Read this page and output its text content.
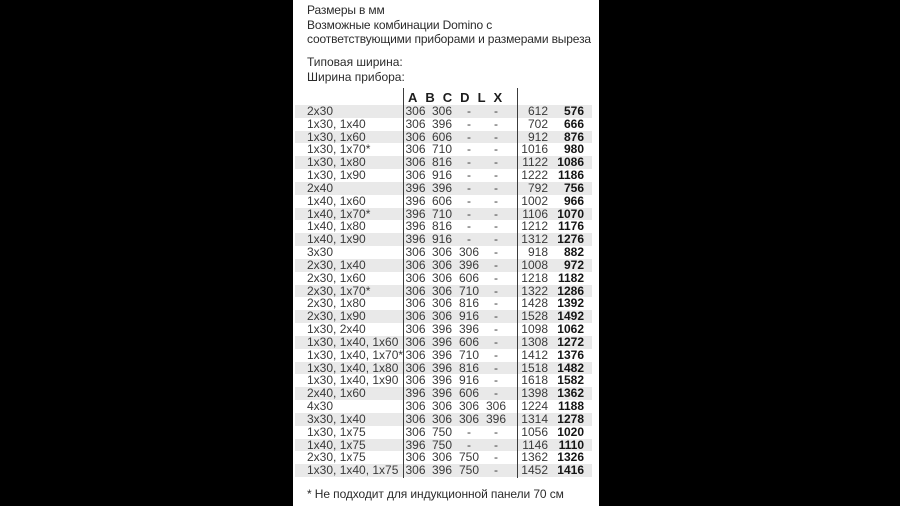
Размеры в мм
Возможные комбинации Domino с
соответствующими приборами и размерами выреза
Типовая ширина:
Ширина прибора:
A B C D L X
2x30	306 306	-	-	612	576
1x30, 1x40	306 396	-	-	702	666
1x30, 1x60	306 606	-	-	912	876
1x30, 1x70*	306 710	-	-	1016	980
1x30, 1x80	306 816	-	-	1122 1086
1x30, 1x90	306 916	-	-	1222 1186
2x40	396 396	-	-	792	756
1x40, 1x60	396 606	-	-	1002	966
1x40, 1x70*	396 710	-	-	1106 1070
1x40, 1x80	396 816	-	-	1212 1176
1x40, 1x90	396 916	-	-	1312 1276
3x30	306 306 306	-	918	882
2x30, 1x40	306 306 396	-	1008	972
2x30, 1x60	306 306 606	-	1218 1182
2x30, 1x70*	306 306 710	-	1322 1286
2x30, 1x80	306 306 816	-	1428 1392
2x30, 1x90	306 306 916	-	1528 1492
1x30, 2x40	306 396 396	-	1098 1062
1x30, 1x40, 1x60 306 396 606	-	1308 1272
1x30, 1x40, 1x70* 306 396 710	-	1412 1376
1x30, 1x40, 1x80 306 396 816	-	1518 1482
1x30, 1x40, 1x90 306 396 916	-	1618 1582
2x40, 1x60	396 396 606	-	1398 1362
4x30	306 306 306 306	1224 1188
3x30, 1x40	306 306 306 396	1314 1278
1x30, 1x75	306 750	-	-	1056 1020
1x40, 1x75	396 750	-	-	1146 1110
2x30, 1x75	306 306 750	-	1362 1326
1x30, 1x40, 1x75 306 396 750	-	1452 1416
* Не подходит для индукционной панели 70 см
